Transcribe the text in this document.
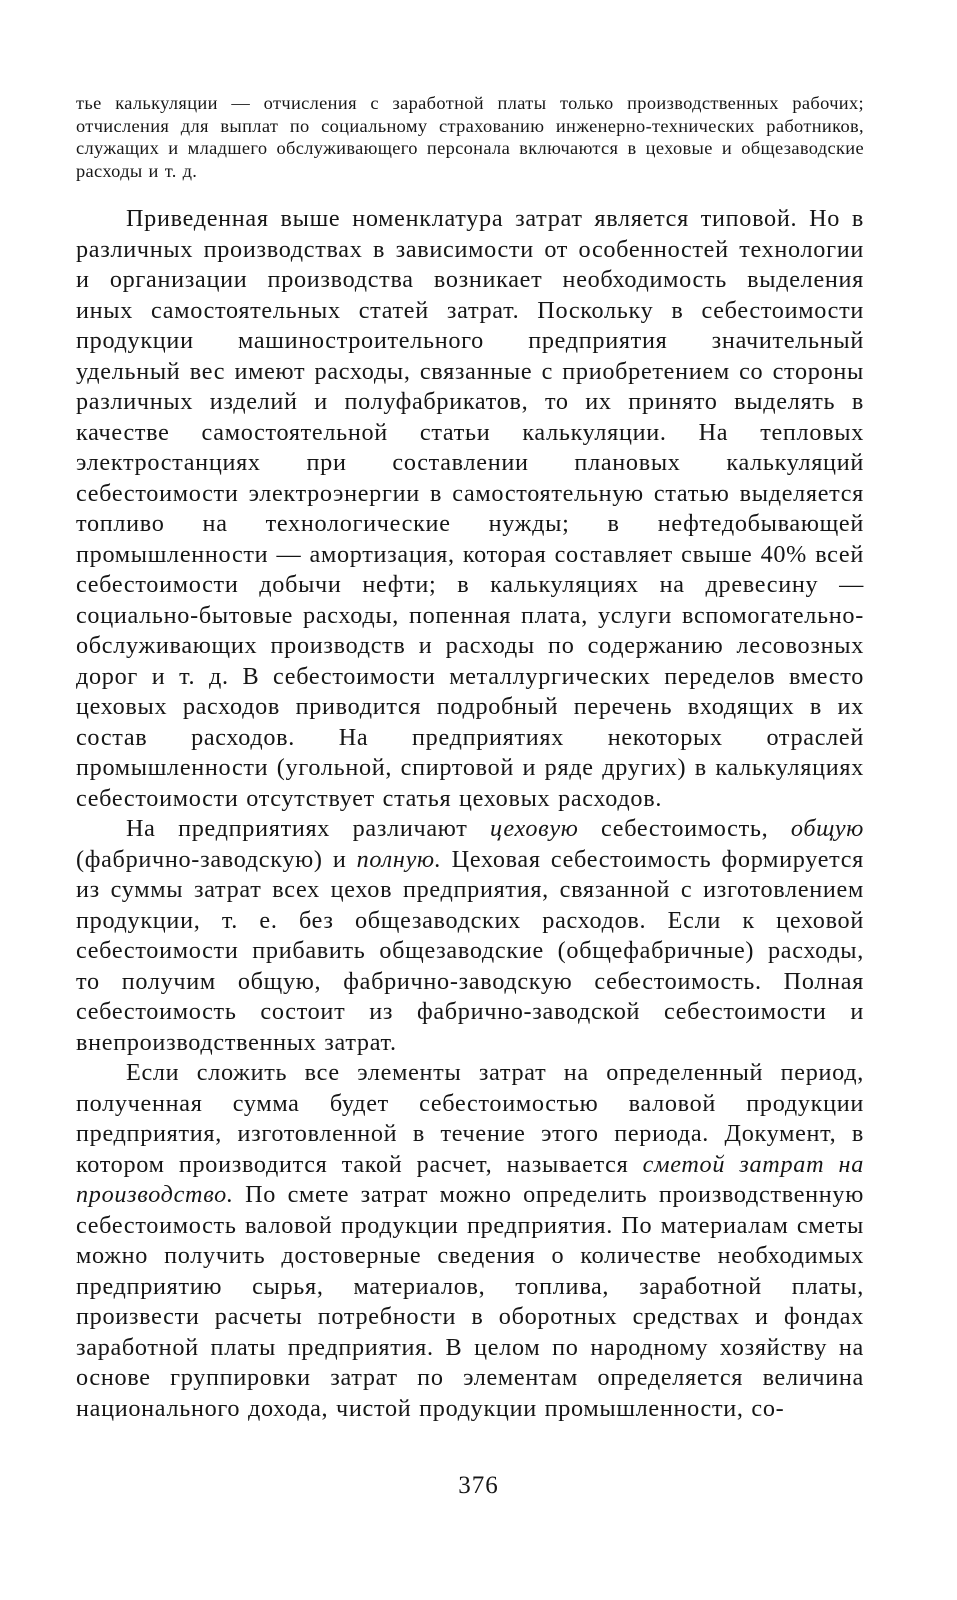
тье калькуляции — отчисления с заработной платы только производственных рабочих; отчисления для выплат по социальному страхованию инженерно-технических работников, служащих и младшего обслуживающего персонала включаются в цеховые и общезаводские расходы и т. д.

Приведенная выше номенклатура затрат является типовой. Но в различных производствах в зависимости от особенностей технологии и организации производства возникает необходимость выделения иных самостоятельных статей затрат. Поскольку в себестоимости продукции машиностроительного предприятия значительный удельный вес имеют расходы, связанные с приобретением со стороны различных изделий и полуфабрикатов, то их принято выделять в качестве самостоятельной статьи калькуляции. На тепловых электростанциях при составлении плановых калькуляций себестоимости электроэнергии в самостоятельную статью выделяется топливо на технологические нужды; в нефтедобывающей промышленности — амортизация, которая составляет свыше 40% всей себестоимости добычи нефти; в калькуляциях на древесину — социально-бытовые расходы, попенная плата, услуги вспомогательно-обслуживающих производств и расходы по содержанию лесовозных дорог и т. д. В себестоимости металлургических переделов вместо цеховых расходов приводится подробный перечень входящих в их состав расходов. На предприятиях некоторых отраслей промышленности (угольной, спиртовой и ряде других) в калькуляциях себестоимости отсутствует статья цеховых расходов.

На предприятиях различают цеховую себестоимость, общую (фабрично-заводскую) и полную. Цеховая себестоимость формируется из суммы затрат всех цехов предприятия, связанной с изготовлением продукции, т. е. без общезаводских расходов. Если к цеховой себестоимости прибавить общезаводские (общефабричные) расходы, то получим общую, фабрично-заводскую себестоимость. Полная себестоимость состоит из фабрично-заводской себестоимости и внепроизводственных затрат.

Если сложить все элементы затрат на определенный период, полученная сумма будет себестоимостью валовой продукции предприятия, изготовленной в течение этого периода. Документ, в котором производится такой расчет, называется сметой затрат на производство. По смете затрат можно определить производственную себестоимость валовой продукции предприятия. По материалам сметы можно получить достоверные сведения о количестве необходимых предприятию сырья, материалов, топлива, заработной платы, произвести расчеты потребности в оборотных средствах и фондах заработной платы предприятия. В целом по народному хозяйству на основе группировки затрат по элементам определяется величина национального дохода, чистой продукции промышленности, со-

376
